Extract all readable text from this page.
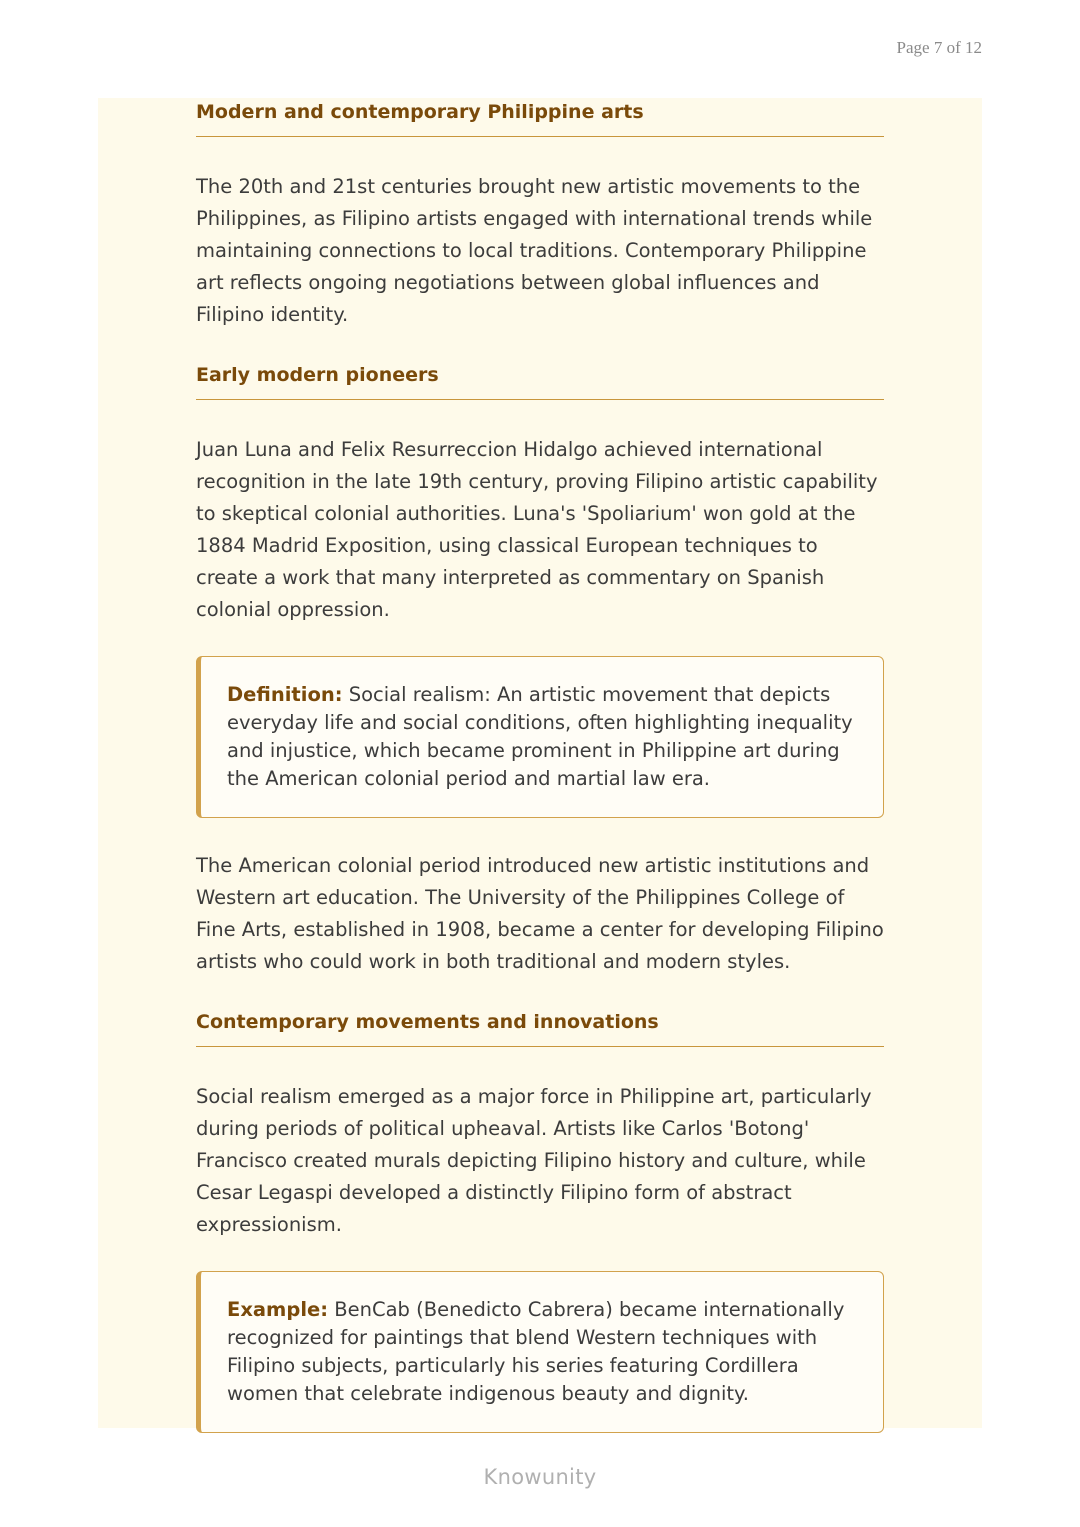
Page 7 of 12
Modern and contemporary Philippine arts

The 20th and 21st centuries brought new artistic movements to the Philippines, as Filipino artists engaged with international trends while maintaining connections to local traditions. Contemporary Philippine art reflects ongoing negotiations between global influences and Filipino identity.

Early modern pioneers

Juan Luna and Felix Resurreccion Hidalgo achieved international recognition in the late 19th century, proving Filipino artistic capability to skeptical colonial authorities. Luna's 'Spoliarium' won gold at the 1884 Madrid Exposition, using classical European techniques to create a work that many interpreted as commentary on Spanish colonial oppression.

Definition: Social realism: An artistic movement that depicts everyday life and social conditions, often highlighting inequality and injustice, which became prominent in Philippine art during the American colonial period and martial law era.

The American colonial period introduced new artistic institutions and Western art education. The University of the Philippines College of Fine Arts, established in 1908, became a center for developing Filipino artists who could work in both traditional and modern styles.

Contemporary movements and innovations

Social realism emerged as a major force in Philippine art, particularly during periods of political upheaval. Artists like Carlos 'Botong' Francisco created murals depicting Filipino history and culture, while Cesar Legaspi developed a distinctly Filipino form of abstract expressionism.

Example: BenCab (Benedicto Cabrera) became internationally recognized for paintings that blend Western techniques with Filipino subjects, particularly his series featuring Cordillera women that celebrate indigenous beauty and dignity.

Knowunity
